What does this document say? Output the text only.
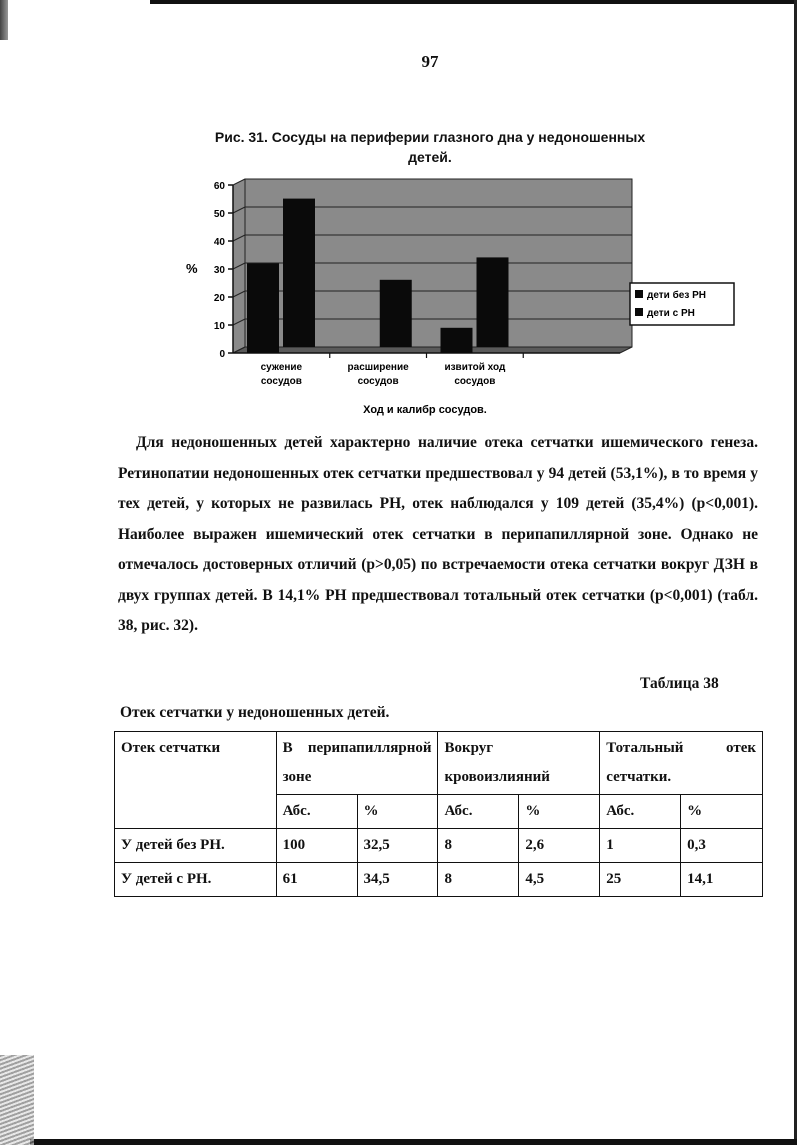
97
Рис. 31. Сосуды на периферии глазного дна у недоношенных
детей.
0
10
20
30
40
50
60
%
сужение
сосудов
расширение
сосудов
извитой ход
сосудов
Ход и калибр сосудов.
дети без РН
дети с РН
Для недоношенных детей характерно наличие отека сетчатки ишемического генеза. Ретинопатии недоношенных отек сетчатки предшествовал у 94 детей (53,1%), в то время у тех детей, у которых не развилась РН, отек наблюдался у 109 детей (35,4%) (р<0,001). Наиболее выражен ишемический отек сетчатки в перипапиллярной зоне. Однако не отмечалось достоверных отличий (р>0,05) по встречаемости отека сетчатки вокруг ДЗН в двух группах детей. В 14,1% РН предшествовал тотальный отек сетчатки (р<0,001) (табл. 38, рис. 32).
Таблица 38
Отек сетчатки у недоношенных детей.
Отек сетчатки	В перипапиллярной зоне		Вокруг кровоизлияний		Тотальный отек сетчатки.	
	Абс.	%	Абс.	%	Абс.	%
У детей без РН.	100	32,5	8	2,6	1	0,3
У детей с РН.	61	34,5	8	4,5	25	14,1
